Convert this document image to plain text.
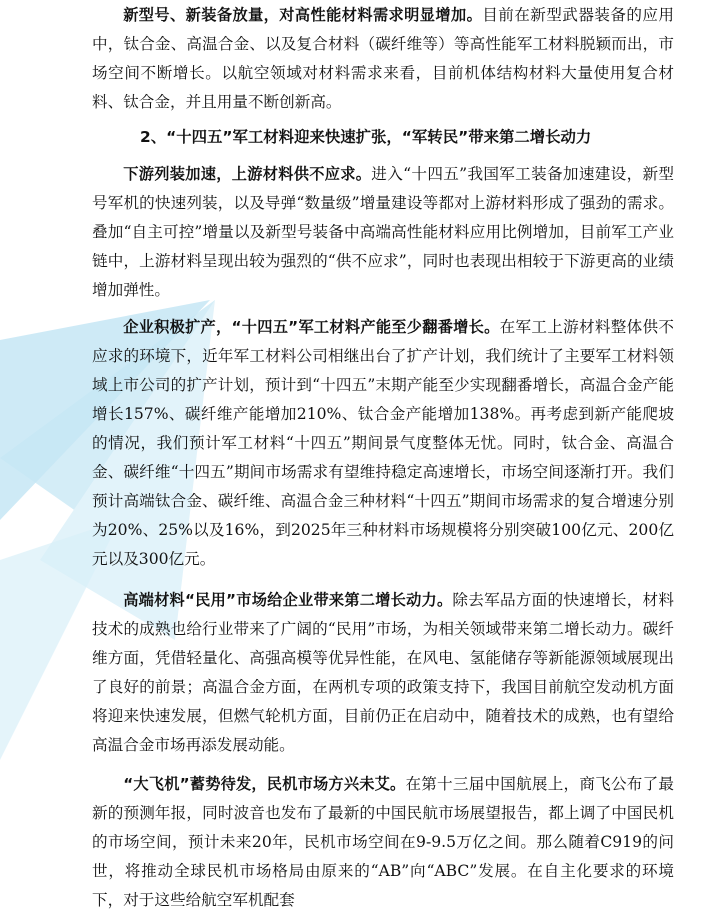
新型号、新装备放量，对高性能材料需求明显增加。目前在新型武器装备的应用中，钛合金、高温合金、以及复合材料（碳纤维等）等高性能军工材料脱颖而出，市场空间不断增长。以航空领域对材料需求来看，目前机体结构材料大量使用复合材料、钛合金，并且用量不断创新高。

2、“十四五”军工材料迎来快速扩张，“军转民”带来第二增长动力

下游列装加速，上游材料供不应求。进入“十四五”我国军工装备加速建设，新型号军机的快速列装，以及导弹“数量级”增量建设等都对上游材料形成了强劲的需求。叠加“自主可控”增量以及新型号装备中高端高性能材料应用比例增加，目前军工产业链中，上游材料呈现出较为强烈的“供不应求”，同时也表现出相较于下游更高的业绩增加弹性。

企业积极扩产，“十四五”军工材料产能至少翻番增长。在军工上游材料整体供不应求的环境下，近年军工材料公司相继出台了扩产计划，我们统计了主要军工材料领域上市公司的扩产计划，预计到“十四五”末期产能至少实现翻番增长，高温合金产能增长157%、碳纤维产能增加210%、钛合金产能增加138%。再考虑到新产能爬坡的情况，我们预计军工材料“十四五”期间景气度整体无忧。同时，钛合金、高温合金、碳纤维“十四五”期间市场需求有望维持稳定高速增长，市场空间逐渐打开。我们预计高端钛合金、碳纤维、高温合金三种材料“十四五”期间市场需求的复合增速分别为20%、25%以及16%，到2025年三种材料市场规模将分别突破100亿元、200亿元以及300亿元。

高端材料“民用”市场给企业带来第二增长动力。除去军品方面的快速增长，材料技术的成熟也给行业带来了广阔的“民用”市场，为相关领域带来第二增长动力。碳纤维方面，凭借轻量化、高强高模等优异性能，在风电、氢能储存等新能源领域展现出了良好的前景；高温合金方面，在两机专项的政策支持下，我国目前航空发动机方面将迎来快速发展，但燃气轮机方面，目前仍正在启动中，随着技术的成熟，也有望给高温合金市场再添发展动能。

“大飞机”蓄势待发，民机市场方兴未艾。在第十三届中国航展上，商飞公布了最新的预测年报，同时波音也发布了最新的中国民航市场展望报告，都上调了中国民机的市场空间，预计未来20年，民机市场空间在9-9.5万亿之间。那么随着C919的问世，将推动全球民机市场格局由原来的“AB”向“ABC”发展。在自主化要求的环境下，对于这些给航空军机配套
